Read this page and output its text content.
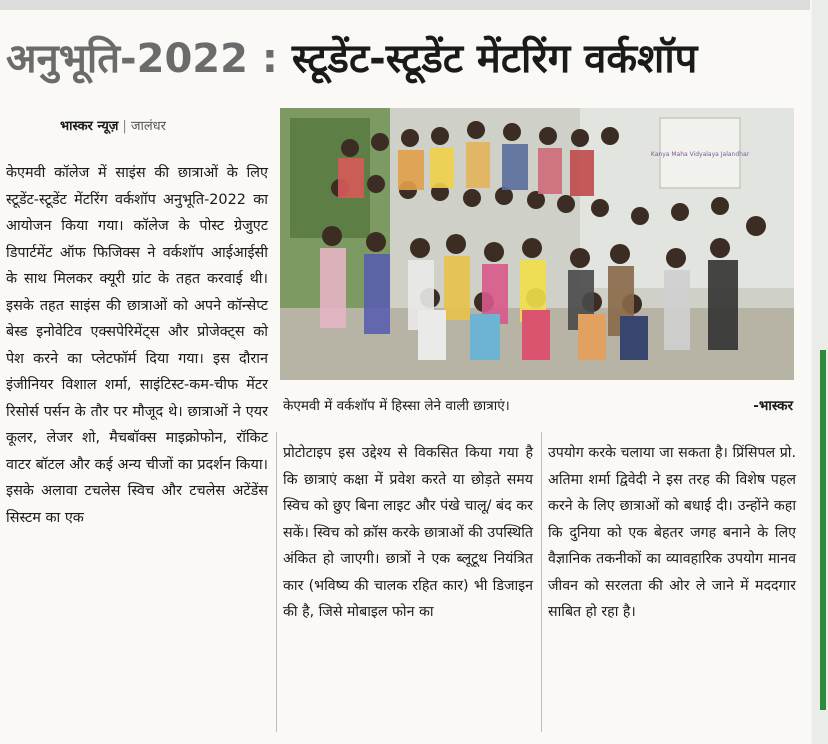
अनुभूति-2022 : स्टूडेंट-स्टूडेंट मेंटरिंग वर्कशॉप
भास्कर न्यूज़ | जालंधर

केएमवी कॉलेज में साइंस की छात्राओं के लिए स्टूडेंट-स्टूडेंट मेंटरिंग वर्कशॉप अनुभूति-2022 का आयोजन किया गया। कॉलेज के पोस्ट ग्रेजुएट डिपार्टमेंट ऑफ फिजिक्स ने वर्कशॉप आईआईसी के साथ मिलकर क्यूरी ग्रांट के तहत करवाई थी। इसके तहत साइंस की छात्राओं को अपने कॉन्सेप्ट बेस्ड इनोवेटिव एक्सपेरिमेंट्स और प्रोजेक्ट्स को पेश करने का प्लेटफॉर्म दिया गया। इस दौरान इंजीनियर विशाल शर्मा, साइंटिस्ट-कम-चीफ मेंटर रिसोर्स पर्सन के तौर पर मौजूद थे। छात्राओं ने एयर कूलर, लेजर शो, मैचबॉक्स माइक्रोफोन, रॉकिट वाटर बॉटल और कई अन्य चीजों का प्रदर्शन किया। इसके अलावा टचलेस स्विच और टचलेस अटेंडेंस सिस्टम का एक

Kanya Maha Vidyalaya Jalandhar
केएमवी में वर्कशॉप में हिस्सा लेने वाली छात्राएं।	-भास्कर

प्रोटोटाइप इस उद्देश्य से विकसित किया गया है कि छात्राएं कक्षा में प्रवेश करते या छोड़ते समय स्विच को छुए बिना लाइट और पंखे चालू/ बंद कर सकें। स्विच को क्रॉस करके छात्राओं की उपस्थिति अंकित हो जाएगी। छात्रों ने एक ब्लूटूथ नियंत्रित कार (भविष्य की चालक रहित कार) भी डिजाइन की है, जिसे मोबाइल फोन का

उपयोग करके चलाया जा सकता है। प्रिंसिपल प्रो. अतिमा शर्मा द्विवेदी ने इस तरह की विशेष पहल करने के लिए छात्राओं को बधाई दी। उन्होंने कहा कि दुनिया को एक बेहतर जगह बनाने के लिए वैज्ञानिक तकनीकों का व्यावहारिक उपयोग मानव जीवन को सरलता की ओर ले जाने में मददगार साबित हो रहा है।
